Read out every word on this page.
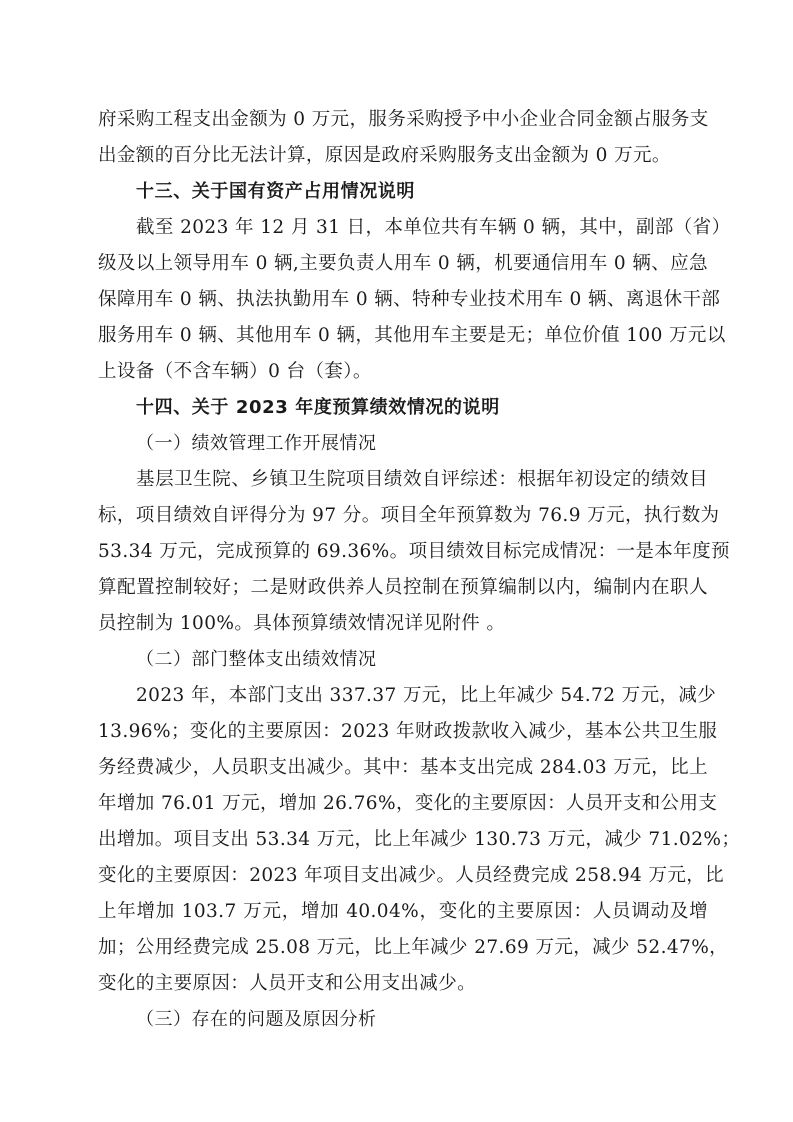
府采购工程支出金额为 0 万元，服务采购授予中小企业合同金额占服务支
出金额的百分比无法计算，原因是政府采购服务支出金额为 0 万元。
十三、关于国有资产占用情况说明
截至 2023 年 12 月 31 日，本单位共有车辆 0 辆，其中，副部（省）
级及以上领导用车 0 辆,主要负责人用车 0 辆，机要通信用车 0 辆、应急
保障用车 0 辆、执法执勤用车 0 辆、特种专业技术用车 0 辆、离退休干部
服务用车 0 辆、其他用车 0 辆，其他用车主要是无；单位价值 100 万元以
上设备（不含车辆）0 台（套）。
十四、关于 2023 年度预算绩效情况的说明
（一）绩效管理工作开展情况
基层卫生院、乡镇卫生院项目绩效自评综述：根据年初设定的绩效目
标，项目绩效自评得分为 97 分。项目全年预算数为 76.9 万元，执行数为
53.34 万元，完成预算的 69.36%。项目绩效目标完成情况：一是本年度预
算配置控制较好；二是财政供养人员控制在预算编制以内，编制内在职人
员控制为 100%。具体预算绩效情况详见附件 。
（二）部门整体支出绩效情况
2023 年，本部门支出 337.37 万元，比上年减少 54.72 万元，减少
13.96%；变化的主要原因：2023 年财政拨款收入减少，基本公共卫生服
务经费减少，人员职支出减少。其中：基本支出完成 284.03 万元，比上
年增加 76.01 万元，增加 26.76%，变化的主要原因：人员开支和公用支
出增加。项目支出 53.34 万元，比上年减少 130.73 万元，减少 71.02%；
变化的主要原因：2023 年项目支出减少。人员经费完成 258.94 万元，比
上年增加 103.7 万元，增加 40.04%，变化的主要原因：人员调动及增
加；公用经费完成 25.08 万元，比上年减少 27.69 万元，减少 52.47%，
变化的主要原因：人员开支和公用支出减少。
（三）存在的问题及原因分析
